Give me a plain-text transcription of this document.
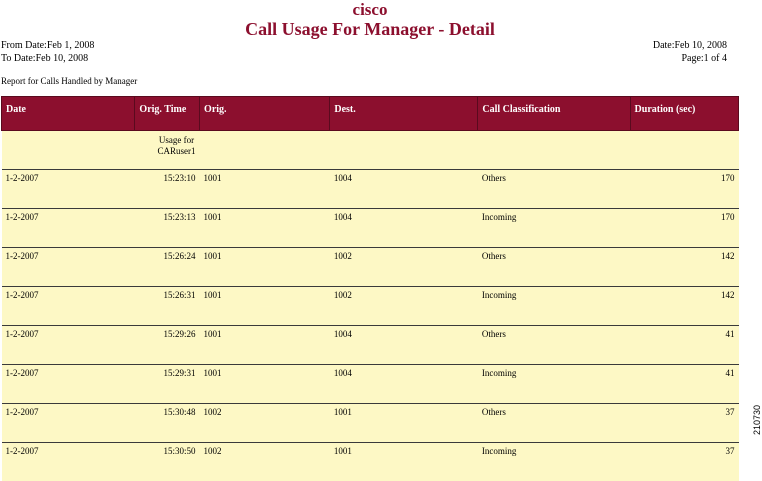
cisco
Call Usage For Manager - Detail
From Date:Feb 1, 2008
To Date:Feb 10, 2008
Date:Feb 10, 2008
Page:1 of 4
Report for Calls Handled by Manager
Date	Orig. Time	Orig.	Dest.	Call Classification	Duration (sec)
	Usage for
CARuser1				
1-2-2007	15:23:10	1001	1004	Others	170
1-2-2007	15:23:13	1001	1004	Incoming	170
1-2-2007	15:26:24	1001	1002	Others	142
1-2-2007	15:26:31	1001	1002	Incoming	142
1-2-2007	15:29:26	1001	1004	Others	41
1-2-2007	15:29:31	1001	1004	Incoming	41
1-2-2007	15:30:48	1002	1001	Others	37
1-2-2007	15:30:50	1002	1001	Incoming	37
210730
